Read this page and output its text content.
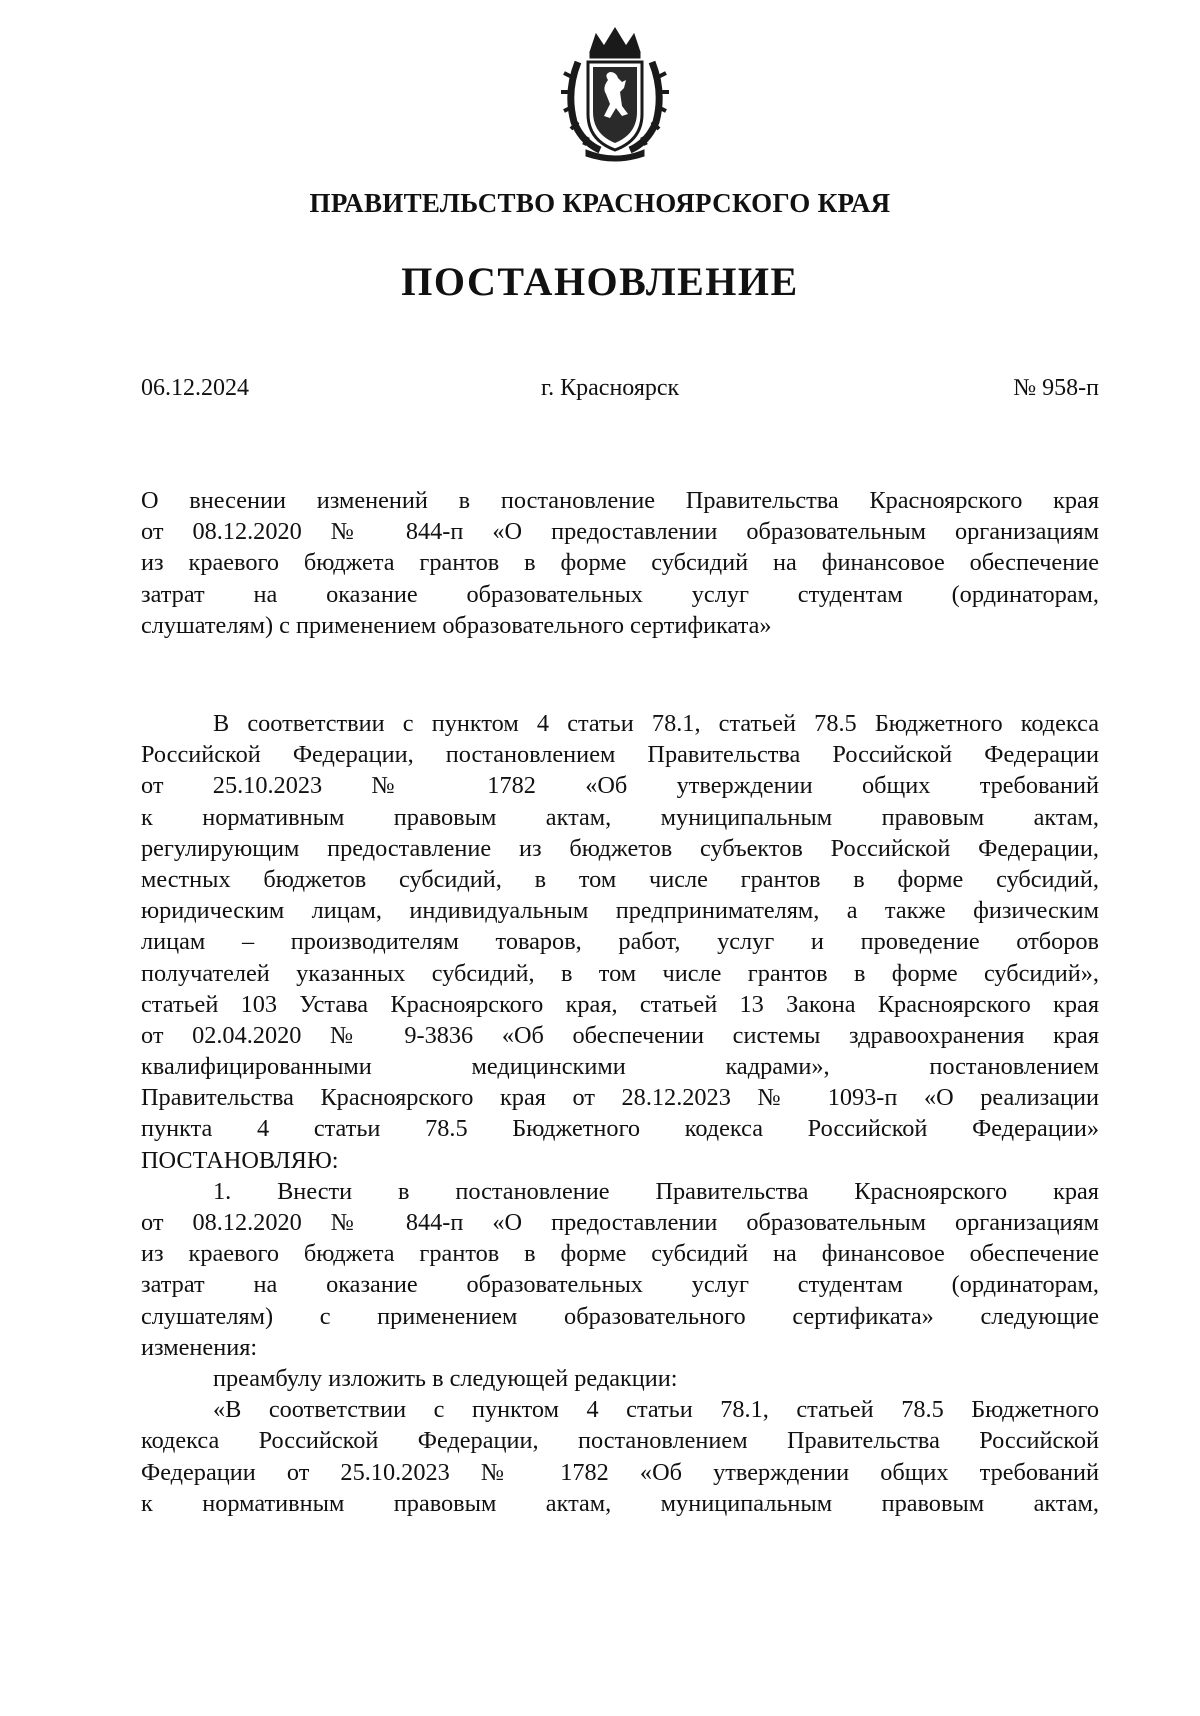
ПРАВИТЕЛЬСТВО КРАСНОЯРСКОГО КРАЯ
ПОСТАНОВЛЕНИЕ
06.12.2024	г. Красноярск	№ 958-п
О внесении изменений в постановление Правительства Красноярского края
от 08.12.2020 № 844-п «О предоставлении образовательным организациям
из краевого бюджета грантов в форме субсидий на финансовое обеспечение
затрат на оказание образовательных услуг студентам (ординаторам,
слушателям) с применением образовательного сертификата»
В соответствии с пунктом 4 статьи 78.1, статьей 78.5 Бюджетного кодекса
Российской Федерации, постановлением Правительства Российской Федерации
от 25.10.2023 № 1782 «Об утверждении общих требований
к нормативным правовым актам, муниципальным правовым актам,
регулирующим предоставление из бюджетов субъектов Российской Федерации,
местных бюджетов субсидий, в том числе грантов в форме субсидий,
юридическим лицам, индивидуальным предпринимателям, а также физическим
лицам – производителям товаров, работ, услуг и проведение отборов
получателей указанных субсидий, в том числе грантов в форме субсидий»,
статьей 103 Устава Красноярского края, статьей 13 Закона Красноярского края
от 02.04.2020 № 9-3836 «Об обеспечении системы здравоохранения края
квалифицированными медицинскими кадрами», постановлением
Правительства Красноярского края от 28.12.2023 № 1093-п «О реализации
пункта 4 статьи 78.5 Бюджетного кодекса Российской Федерации»
ПОСТАНОВЛЯЮ:
1. Внести в постановление Правительства Красноярского края
от 08.12.2020 № 844-п «О предоставлении образовательным организациям
из краевого бюджета грантов в форме субсидий на финансовое обеспечение
затрат на оказание образовательных услуг студентам (ординаторам,
слушателям) с применением образовательного сертификата» следующие
изменения:
преамбулу изложить в следующей редакции:
«В соответствии с пунктом 4 статьи 78.1, статьей 78.5 Бюджетного
кодекса Российской Федерации, постановлением Правительства Российской
Федерации от 25.10.2023 № 1782 «Об утверждении общих требований
к нормативным правовым актам, муниципальным правовым актам,
